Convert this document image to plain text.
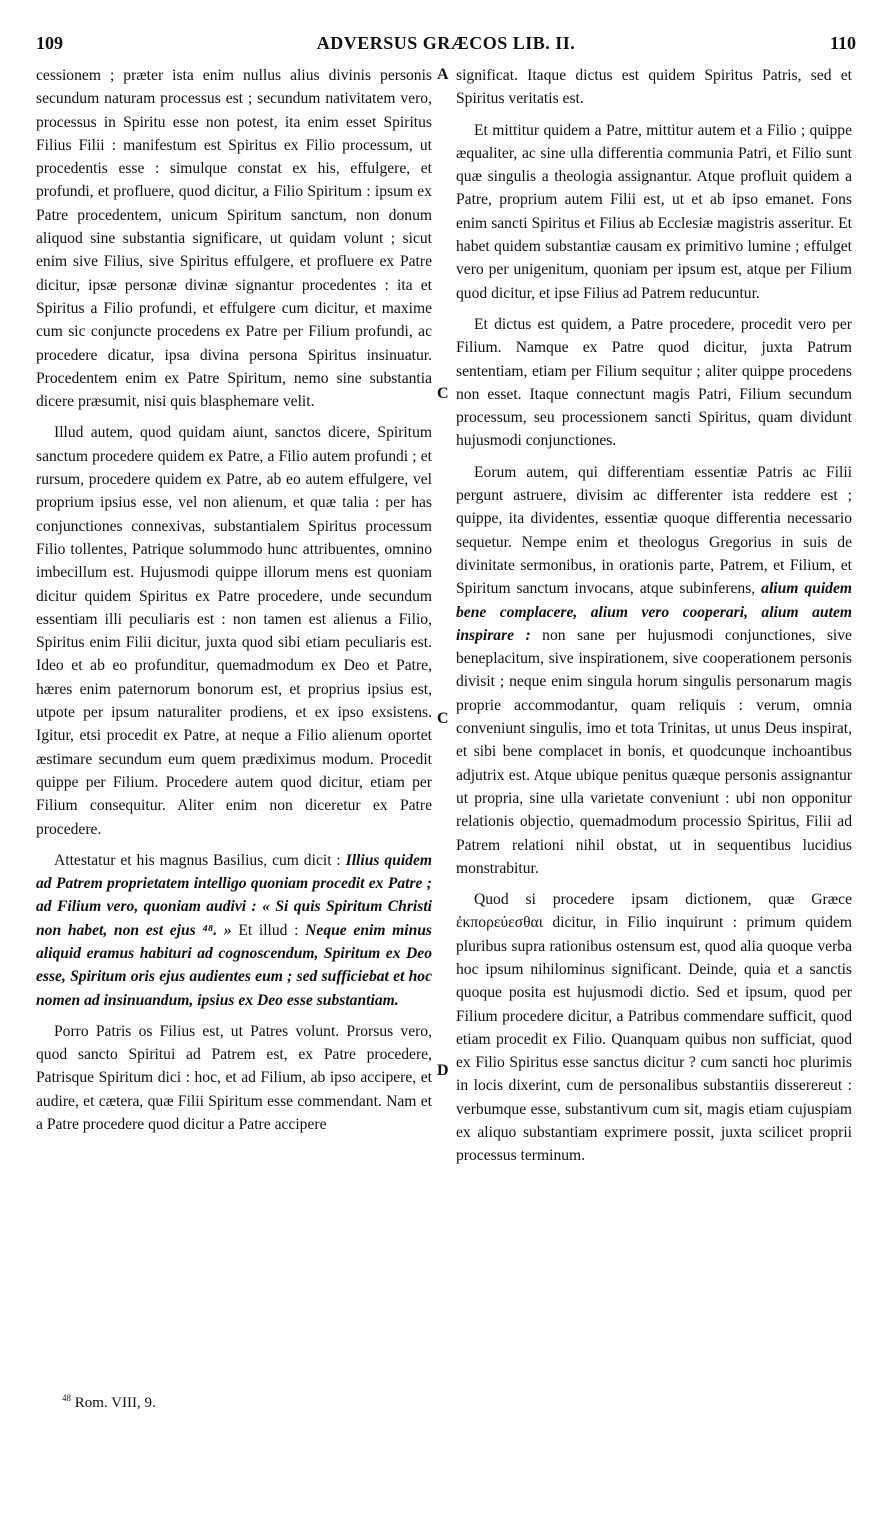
109	ADVERSUS GRÆCOS LIB. II.	110

cessionem ; præter ista enim nullus alius divinis personis secundum naturam processus est ; secundum nativitatem vero, processus in Spiritu esse non potest, ita enim esset Spiritus Filius Filii : manifestum est Spiritus ex Filio processum, ut procedentis esse : simulque constat ex his, effulgere, et profundi, et profluere, quod dicitur, a Filio Spiritum : ipsum ex Patre procedentem, unicum Spiritum sanctum, non donum aliquod sine substantia significare, ut quidam volunt ; sicut enim sive Filius, sive Spiritus effulgere, et profluere ex Patre dicitur, ipsæ personæ divinæ signantur procedentes : ita et Spiritus a Filio profundi, et effulgere cum dicitur, et maxime cum sic conjuncte procedens ex Patre per Filium profundi, ac procedere dicatur, ipsa divina persona Spiritus insinuatur. Procedentem enim ex Patre Spiritum, nemo sine substantia dicere præsumit, nisi quis blasphemare velit.

Illud autem, quod quidam aiunt, sanctos dicere, Spiritum sanctum procedere quidem ex Patre, a Filio autem profundi ; et rursum, procedere quidem ex Patre, ab eo autem effulgere, vel proprium ipsius esse, vel non alienum, et quæ talia : per has conjunctiones connexivas, substantialem Spiritus processum Filio tollentes, Patrique solummodo hunc attribuentes, omnino imbecillum est. Hujusmodi quippe illorum mens est quoniam dicitur quidem Spiritus ex Patre procedere, unde secundum essentiam illi peculiaris est : non tamen est alienus a Filio, Spiritus enim Filii dicitur, juxta quod sibi etiam peculiaris est. Ideo et ab eo profunditur, quemadmodum ex Deo et Patre, hæres enim paternorum bonorum est, et proprius ipsius est, utpote per ipsum naturaliter prodiens, et ex ipso exsistens. Igitur, etsi procedit ex Patre, at neque a Filio alienum oportet æstimare secundum eum quem prædiximus modum. Procedit quippe per Filium. Procedere autem quod dicitur, etiam per Filium consequitur. Aliter enim non diceretur ex Patre procedere.

Attestatur et his magnus Basilius, cum dicit : Illius quidem ad Patrem proprietatem intelligo quoniam procedit ex Patre ; ad Filium vero, quoniam audivi : « Si quis Spiritum Christi non habet, non est ejus ⁴⁸. » Et illud : Neque enim minus aliquid eramus habituri ad cognoscendum, Spiritum ex Deo esse, Spiritum oris ejus audientes eum ; sed sufficiebat et hoc nomen ad insinuandum, ipsius ex Deo esse substantiam.

Porro Patris os Filius est, ut Patres volunt. Prorsus vero, quod sancto Spiritui ad Patrem est, ex Patre procedere, Patrisque Spiritum dici : hoc, et ad Filium, ab ipso accipere, et audire, et cætera, quæ Filii Spiritum esse commendant. Nam et a Patre procedere quod dicitur a Patre accipere

significat. Itaque dictus est quidem Spiritus Patris, sed et Spiritus veritatis est.

Et mittitur quidem a Patre, mittitur autem et a Filio ; quippe æqualiter, ac sine ulla differentia communia Patri, et Filio sunt quæ singulis a theologia assignantur. Atque profluit quidem a Patre, proprium autem Filii est, ut et ab ipso emanet. Fons enim sancti Spiritus et Filius ab Ecclesiæ magistris asseritur. Et habet quidem substantiæ causam ex primitivo lumine ; effulget vero per unigenitum, quoniam per ipsum est, atque per Filium quod dicitur, et ipse Filius ad Patrem reducuntur.

Et dictus est quidem, a Patre procedere, procedit vero per Filium. Namque ex Patre quod dicitur, juxta Patrum sententiam, etiam per Filium sequitur ; aliter quippe procedens non esset. Itaque connectunt magis Patri, Filium secundum processum, seu processionem sancti Spiritus, quam dividunt hujusmodi conjunctiones.

Eorum autem, qui differentiam essentiæ Patris ac Filii pergunt astruere, divisim ac differenter ista reddere est ; quippe, ita dividentes, essentiæ quoque differentia necessario sequetur. Nempe enim et theologus Gregorius in suis de divinitate sermonibus, in orationis parte, Patrem, et Filium, et Spiritum sanctum invocans, atque subinferens, alium quidem bene complacere, alium vero cooperari, alium autem inspirare : non sane per hujusmodi conjunctiones, sive beneplacitum, sive inspirationem, sive cooperationem personis divisit ; neque enim singula horum singulis personarum magis proprie accommodantur, quam reliquis : verum, omnia conveniunt singulis, imo et tota Trinitas, ut unus Deus inspirat, et sibi bene complacet in bonis, et quodcunque inchoantibus adjutrix est. Atque ubique penitus quæque personis assignantur ut propria, sine ulla varietate conveniunt : ubi non opponitur relationis objectio, quemadmodum processio Spiritus, Filii ad Patrem relationi nihil obstat, ut in sequentibus lucidius monstrabitur.

Quod si procedere ipsam dictionem, quæ Græce ἐκπορεύεσθαι dicitur, in Filio inquirunt : primum quidem pluribus supra rationibus ostensum est, quod alia quoque verba hoc ipsum nihilominus significant. Deinde, quia et a sanctis quoque posita est hujusmodi dictio. Sed et ipsum, quod per Filium procedere dicitur, a Patribus commendare sufficit, quod etiam procedit ex Filio. Quanquam quibus non sufficiat, quod ex Filio Spiritus esse sanctus dicitur ? cum sancti hoc plurimis in locis dixerint, cum de personalibus substantiis disserereut : verbumque esse, substantivum cum sit, magis etiam cujuspiam ex aliquo substantiam exprimere possit, juxta scilicet proprii processus terminum.

A
C
C
D
$^{48}$ Rom. VIII, 9.
